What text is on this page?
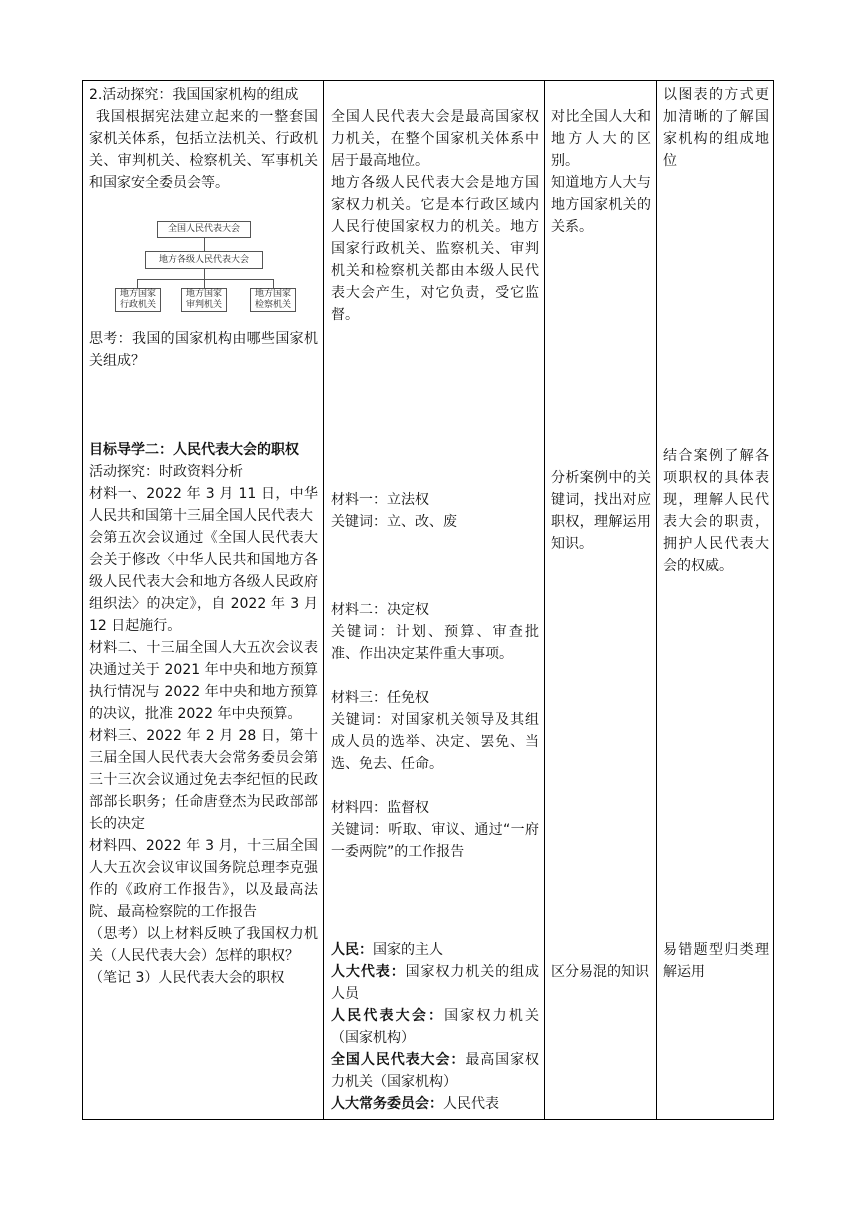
2.活动探究：我国国家机构的组成

我国根据宪法建立起来的一整套国家机关体系，包括立法机关、行政机关、审判机关、检察机关、军事机关和国家安全委员会等。

全国人民代表大会
地方各级人民代表大会
地方国家行政机关
地方国家审判机关
地方国家检察机关

思考：我国的国家机构由哪些国家机关组成？

目标导学二：人民代表大会的职权

活动探究：时政资料分析

材料一、2022 年 3 月 11 日，中华人民共和国第十三届全国人民代表大

会第五次会议通过《全国人民代表大会关于修改〈中华人民共和国地方各级人民代表大会和地方各级人民政府组织法〉的决定》，自 2022 年 3 月 12 日起施行。

材料二、十三届全国人大五次会议表决通过关于 2021 年中央和地方预算执行情况与 2022 年中央和地方预算的决议，批准 2022 年中央预算。

材料三、2022 年 2 月 28 日，第十三届全国人民代表大会常务委员会第三十三次会议通过免去李纪恒的民政部部长职务；任命唐登杰为民政部部长的决定

材料四、2022 年 3 月，十三届全国人大五次会议审议国务院总理李克强作的《政府工作报告》，以及最高法院、最高检察院的工作报告

（思考）以上材料反映了我国权力机关（人民代表大会）怎样的职权？

（笔记 3）人民代表大会的职权

全国人民代表大会是最高国家权力机关，在整个国家机关体系中居于最高地位。

地方各级人民代表大会是地方国家权力机关。它是本行政区域内人民行使国家权力的机关。地方国家行政机关、监察机关、审判机关和检察机关都由本级人民代表大会产生，对它负责，受它监督。

材料一：立法权

关键词：立、改、废

材料二：决定权

关键词：计划、预算、审查批准、作出决定某件重大事项。

材料三：任免权

关键词：对国家机关领导及其组成人员的选举、决定、罢免、当选、免去、任命。

材料四：监督权

关键词：听取、审议、通过“一府一委两院”的工作报告

人民：国家的主人

人大代表：国家权力机关的组成人员

人民代表大会：国家权力机关（国家机构）

全国人民代表大会：最高国家权力机关（国家机构）

人大常务委员会：人民代表

对比全国人大和地方人大的区别。

知道地方人大与地方国家机关的关系。

分析案例中的关键词，找出对应职权，理解运用知识。

区分易混的知识

以图表的方式更加清晰的了解国家机构的组成地位

结合案例了解各项职权的具体表现，理解人民代表大会的职责，拥护人民代表大会的权威。

易错题型归类理解运用
